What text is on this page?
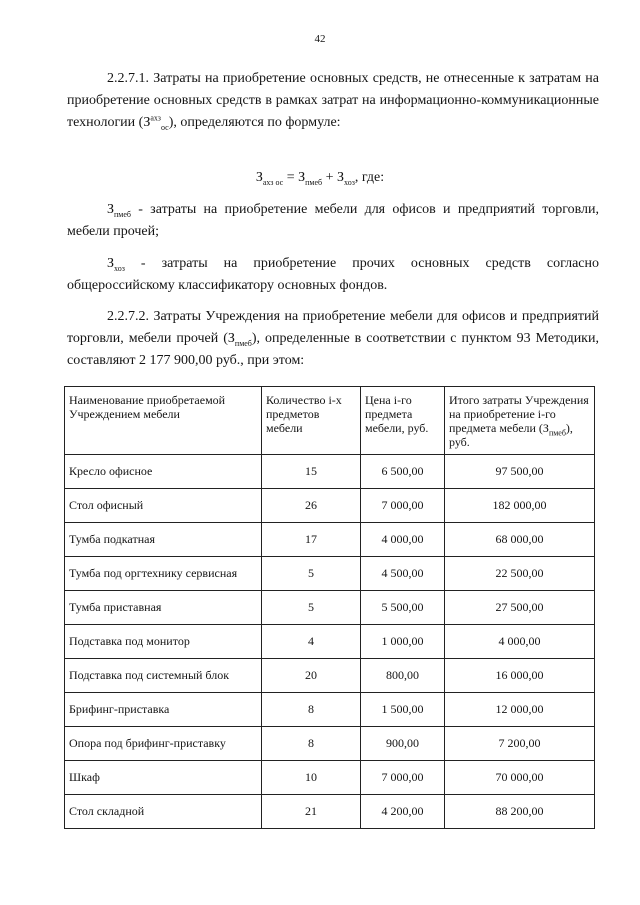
42

2.2.7.1. Затраты на приобретение основных средств, не отнесенные к затратам на приобретение основных средств в рамках затрат на информационно-коммуникационные технологии $(З^{ахз}_{ос})$, определяются по формуле:

$З_{ахз ос} = З_{пмеб} + З_{хоз}$, где:

$З_{пмеб}$ - затраты на приобретение мебели для офисов и предприятий торговли, мебели прочей;

$З_{хоз}$ - затраты на приобретение прочих основных средств согласно общероссийскому классификатору основных фондов.

2.2.7.2. Затраты Учреждения на приобретение мебели для офисов и предприятий торговли, мебели прочей $(З_{пмеб})$, определенные в соответствии с пунктом 93 Методики, составляют 2 177 900,00 руб., при этом:

Наименование приобретаемой Учреждением мебели	Количество i-х предметов мебели	Цена i-го предмета мебели, руб.	Итого затраты Учреждения на приобретение i-го предмета мебели $(З_{пмеб})$, руб.
Кресло офисное	15	6 500,00	97 500,00
Стол офисный	26	7 000,00	182 000,00
Тумба подкатная	17	4 000,00	68 000,00
Тумба под оргтехнику сервисная	5	4 500,00	22 500,00
Тумба приставная	5	5 500,00	27 500,00
Подставка под монитор	4	1 000,00	4 000,00
Подставка под системный блок	20	800,00	16 000,00
Брифинг-приставка	8	1 500,00	12 000,00
Опора под брифинг-приставку	8	900,00	7 200,00
Шкаф	10	7 000,00	70 000,00
Стол складной	21	4 200,00	88 200,00
